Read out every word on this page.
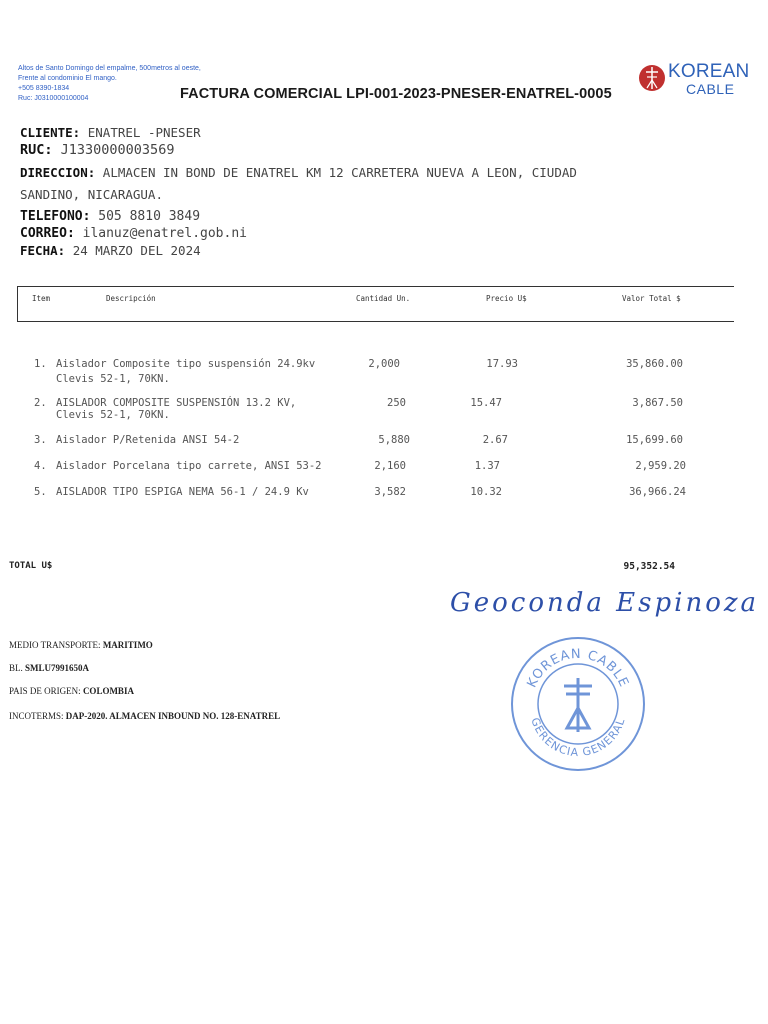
Altos de Santo Domingo del empalme, 500metros al oeste,
Frente al condominio El mango.
+505 8390-1834
Ruc: J0310000100004	FACTURA COMERCIAL LPI-001-2023-PNESER-ENATREL-0005
KOREAN
CABLE
CLIENTE: ENATREL -PNESER
RUC: J1330000003569
DIRECCION: ALMACEN IN BOND DE ENATREL KM 12 CARRETERA NUEVA A LEON, CIUDAD
SANDINO, NICARAGUA.
TELEFONO: 505 8810 3849
CORREO: ilanuz@enatrel.gob.ni
FECHA: 24 MARZO DEL 2024
Item	Descripción	Cantidad Un.	Precio U$	Valor Total $
1. Aislador Composite tipo suspensión 24.9kv
Clevis 52-1, 70KN.
2,000	17.93	35,860.00
2. AISLADOR COMPOSITE SUSPENSIÓN 13.2 KV,
Clevis 52-1, 70KN.
250	15.47	3,867.50
3. Aislador P/Retenida ANSI 54-2	5,880	2.67	15,699.60
4. Aislador Porcelana tipo carrete, ANSI 53-2	2,160	1.37	2,959.20
5. AISLADOR TIPO ESPIGA NEMA 56-1 / 24.9 Kv	3,582	10.32	36,966.24
TOTAL U$	95,352.54
Geoconda Espinoza
MEDIO TRANSPORTE: MARITIMO
BL. SMLU7991650A
PAIS DE ORIGEN: COLOMBIA
INCOTERMS: DAP-2020. ALMACEN INBOUND NO. 128-ENATREL
KOREAN CABLE
GERENCIA GENERAL
